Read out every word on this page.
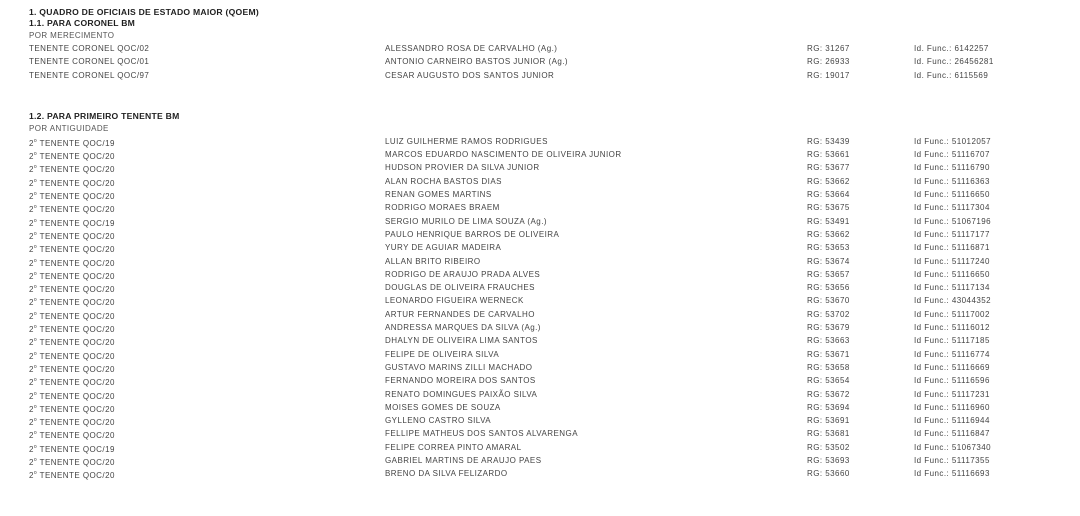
1. QUADRO DE OFICIAIS DE ESTADO MAIOR (QOEM)
1.1. PARA CORONEL BM
POR MERECIMENTO
TENENTE CORONEL QOC/02	ALESSANDRO ROSA DE CARVALHO (Ag.)	RG: 31267	Id. Func.: 6142257
TENENTE CORONEL QOC/01	ANTONIO CARNEIRO BASTOS JUNIOR (Ag.)	RG: 26933	Id. Func.: 26456281
TENENTE CORONEL QOC/97	CESAR AUGUSTO DOS SANTOS JUNIOR	RG: 19017	Id. Func.: 6115569
1.2. PARA PRIMEIRO TENENTE BM
POR ANTIGUIDADE
2$^o$ TENENTE QOC/19	LUIZ GUILHERME RAMOS RODRIGUES	RG: 53439	Id Func.: 51012057
2$^o$ TENENTE QOC/20	MARCOS EDUARDO NASCIMENTO DE OLIVEIRA JUNIOR	RG: 53661	Id Func.: 51116707
2$^o$ TENENTE QOC/20	HUDSON PROVIER DA SILVA JUNIOR	RG: 53677	Id Func.: 51116790
2$^o$ TENENTE QOC/20	ALAN ROCHA BASTOS DIAS	RG: 53662	Id Func.: 51116363
2$^o$ TENENTE QOC/20	RENAN GOMES MARTINS	RG: 53664	Id Func.: 51116650
2$^o$ TENENTE QOC/20	RODRIGO MORAES BRAEM	RG: 53675	Id Func.: 51117304
2$^o$ TENENTE QOC/19	SERGIO MURILO DE LIMA SOUZA (Ag.)	RG: 53491	Id Func.: 51067196
2$^o$ TENENTE QOC/20	PAULO HENRIQUE BARROS DE OLIVEIRA	RG: 53662	Id Func.: 51117177
2$^o$ TENENTE QOC/20	YURY DE AGUIAR MADEIRA	RG: 53653	Id Func.: 51116871
2$^o$ TENENTE QOC/20	ALLAN BRITO RIBEIRO	RG: 53674	Id Func.: 51117240
2$^o$ TENENTE QOC/20	RODRIGO DE ARAUJO PRADA ALVES	RG: 53657	Id Func.: 51116650
2$^o$ TENENTE QOC/20	DOUGLAS DE OLIVEIRA FRAUCHES	RG: 53656	Id Func.: 51117134
2$^o$ TENENTE QOC/20	LEONARDO FIGUEIRA WERNECK	RG: 53670	Id Func.: 43044352
2$^o$ TENENTE QOC/20	ARTUR FERNANDES DE CARVALHO	RG: 53702	Id Func.: 51117002
2$^o$ TENENTE QOC/20	ANDRESSA MARQUES DA SILVA (Ag.)	RG: 53679	Id Func.: 51116012
2$^o$ TENENTE QOC/20	DHALYN DE OLIVEIRA LIMA SANTOS	RG: 53663	Id Func.: 51117185
2$^o$ TENENTE QOC/20	FELIPE DE OLIVEIRA SILVA	RG: 53671	Id Func.: 51116774
2$^o$ TENENTE QOC/20	GUSTAVO MARINS ZILLI MACHADO	RG: 53658	Id Func.: 51116669
2$^o$ TENENTE QOC/20	FERNANDO MOREIRA DOS SANTOS	RG: 53654	Id Func.: 51116596
2$^o$ TENENTE QOC/20	RENATO DOMINGUES PAIXÃO SILVA	RG: 53672	Id Func.: 51117231
2$^o$ TENENTE QOC/20	MOISES GOMES DE SOUZA	RG: 53694	Id Func.: 51116960
2$^o$ TENENTE QOC/20	GYLLENO CASTRO SILVA	RG: 53691	Id Func.: 51116944
2$^o$ TENENTE QOC/20	FELLIPE MATHEUS DOS SANTOS ALVARENGA	RG: 53681	Id Func.: 51116847
2$^o$ TENENTE QOC/19	FELIPE CORREA PINTO AMARAL	RG: 53502	Id Func.: 51067340
2$^o$ TENENTE QOC/20	GABRIEL MARTINS DE ARAUJO PAES	RG: 53693	Id Func.: 51117355
2$^o$ TENENTE QOC/20	BRENO DA SILVA FELIZARDO	RG: 53660	Id Func.: 51116693
